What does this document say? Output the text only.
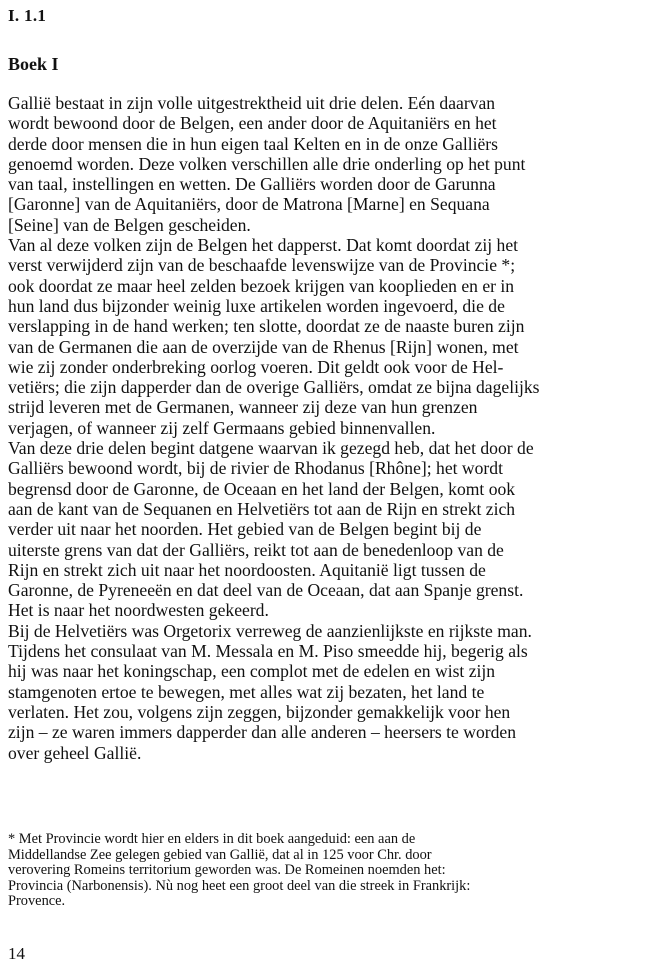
I. 1.1
Boek I
Galliё bestaat in zijn volle uitgestrektheid uit drie delen. Eén daarvan
wordt bewoond door de Belgen, een ander door de Aquitaniërs en het
derde door mensen die in hun eigen taal Kelten en in de onze Galliërs
genoemd worden. Deze volken verschillen alle drie onderling op het punt
van taal, instellingen en wetten. De Galliërs worden door de Garunna
[Garonne] van de Aquitaniërs, door de Matrona [Marne] en Sequana
[Seine] van de Belgen gescheiden.
Van al deze volken zijn de Belgen het dapperst. Dat komt doordat zij het
verst verwijderd zijn van de beschaafde levenswijze van de Provincie *;
ook doordat ze maar heel zelden bezoek krijgen van kooplieden en er in
hun land dus bijzonder weinig luxe artikelen worden ingevoerd, die de
verslapping in de hand werken; ten slotte, doordat ze de naaste buren zijn
van de Germanen die aan de overzijde van de Rhenus [Rijn] wonen, met
wie zij zonder onderbreking oorlog voeren. Dit geldt ook voor de Hel-
vetiërs; die zijn dapperder dan de overige Galliërs, omdat ze bijna dagelijks
strijd leveren met de Germanen, wanneer zij deze van hun grenzen
verjagen, of wanneer zij zelf Germaans gebied binnenvallen.
Van deze drie delen begint datgene waarvan ik gezegd heb, dat het door de
Galliërs bewoond wordt, bij de rivier de Rhodanus [Rhône]; het wordt
begrensd door de Garonne, de Oceaan en het land der Belgen, komt ook
aan de kant van de Sequanen en Helvetiërs tot aan de Rijn en strekt zich
verder uit naar het noorden. Het gebied van de Belgen begint bij de
uiterste grens van dat der Galliërs, reikt tot aan de benedenloop van de
Rijn en strekt zich uit naar het noordoosten. Aquitanië ligt tussen de
Garonne, de Pyreneeën en dat deel van de Oceaan, dat aan Spanje grenst.
Het is naar het noordwesten gekeerd.
Bij de Helvetiërs was Orgetorix verreweg de aanzienlijkste en rijkste man.
Tijdens het consulaat van M. Messala en M. Piso smeedde hij, begerig als
hij was naar het koningschap, een complot met de edelen en wist zijn
stamgenoten ertoe te bewegen, met alles wat zij bezaten, het land te
verlaten. Het zou, volgens zijn zeggen, bijzonder gemakkelijk voor hen
zijn – ze waren immers dapperder dan alle anderen – heersers te worden
over geheel Gallië.
* Met Provincie wordt hier en elders in dit boek aangeduid: een aan de
Middellandse Zee gelegen gebied van Gallië, dat al in 125 voor Chr. door
verovering Romeins territorium geworden was. De Romeinen noemden het:
Provincia (Narbonensis). Nù nog heet een groot deel van die streek in Frankrijk:
Provence.
14
